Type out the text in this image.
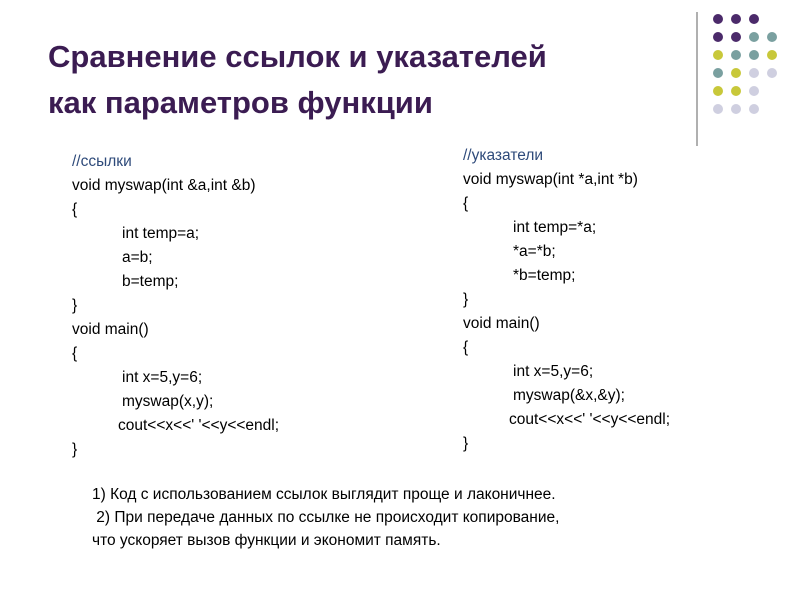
Сравнение ссылок и указателей
как параметров функции
//ссылки
void myswap(int &a,int &b)
{
int temp=a;
a=b;
b=temp;
}
void main()
{
int x=5,y=6;
myswap(x,y);
cout<<x<<' '<<y<<endl;
}
//указатели
void myswap(int *a,int *b)
{
int temp=*a;
*a=*b;
*b=temp;
}
void main()
{
int x=5,y=6;
myswap(&x,&y);
cout<<x<<' '<<y<<endl;
}
1) Код с использованием ссылок выглядит проще и лаконичнее.
2) При передаче данных по ссылке не происходит копирование,
что ускоряет вызов функции и экономит память.
